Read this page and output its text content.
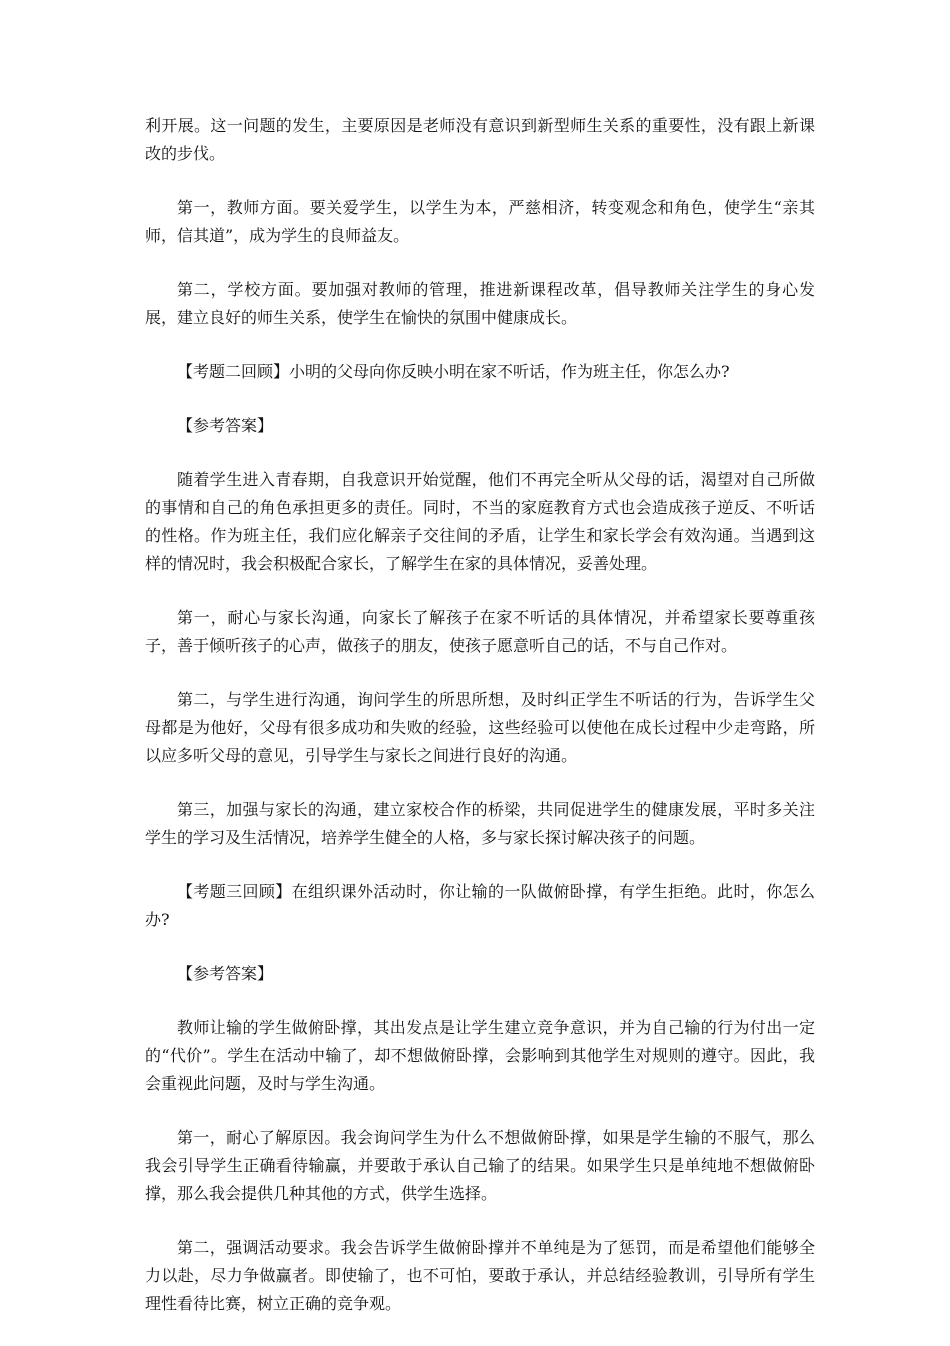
利开展。这一问题的发生，主要原因是老师没有意识到新型师生关系的重要性，没有跟上新课改的步伐。

第一，教师方面。要关爱学生，以学生为本，严慈相济，转变观念和角色，使学生“亲其师，信其道”，成为学生的良师益友。

第二，学校方面。要加强对教师的管理，推进新课程改革，倡导教师关注学生的身心发展，建立良好的师生关系，使学生在愉快的氛围中健康成长。

【考题二回顾】小明的父母向你反映小明在家不听话，作为班主任，你怎么办?

【参考答案】

随着学生进入青春期，自我意识开始觉醒，他们不再完全听从父母的话，渴望对自己所做的事情和自己的角色承担更多的责任。同时，不当的家庭教育方式也会造成孩子逆反、不听话的性格。作为班主任，我们应化解亲子交往间的矛盾，让学生和家长学会有效沟通。当遇到这样的情况时，我会积极配合家长，了解学生在家的具体情况，妥善处理。

第一，耐心与家长沟通，向家长了解孩子在家不听话的具体情况，并希望家长要尊重孩子，善于倾听孩子的心声，做孩子的朋友，使孩子愿意听自己的话，不与自己作对。

第二，与学生进行沟通，询问学生的所思所想，及时纠正学生不听话的行为，告诉学生父母都是为他好，父母有很多成功和失败的经验，这些经验可以使他在成长过程中少走弯路，所以应多听父母的意见，引导学生与家长之间进行良好的沟通。

第三，加强与家长的沟通，建立家校合作的桥梁，共同促进学生的健康发展，平时多关注学生的学习及生活情况，培养学生健全的人格，多与家长探讨解决孩子的问题。

【考题三回顾】在组织课外活动时，你让输的一队做俯卧撑，有学生拒绝。此时，你怎么办?

【参考答案】

教师让输的学生做俯卧撑，其出发点是让学生建立竞争意识，并为自己输的行为付出一定的“代价”。学生在活动中输了，却不想做俯卧撑，会影响到其他学生对规则的遵守。因此，我会重视此问题，及时与学生沟通。

第一，耐心了解原因。我会询问学生为什么不想做俯卧撑，如果是学生输的不服气，那么我会引导学生正确看待输赢，并要敢于承认自己输了的结果。如果学生只是单纯地不想做俯卧撑，那么我会提供几种其他的方式，供学生选择。

第二，强调活动要求。我会告诉学生做俯卧撑并不单纯是为了惩罚，而是希望他们能够全力以赴，尽力争做赢者。即使输了，也不可怕，要敢于承认，并总结经验教训，引导所有学生理性看待比赛，树立正确的竞争观。
